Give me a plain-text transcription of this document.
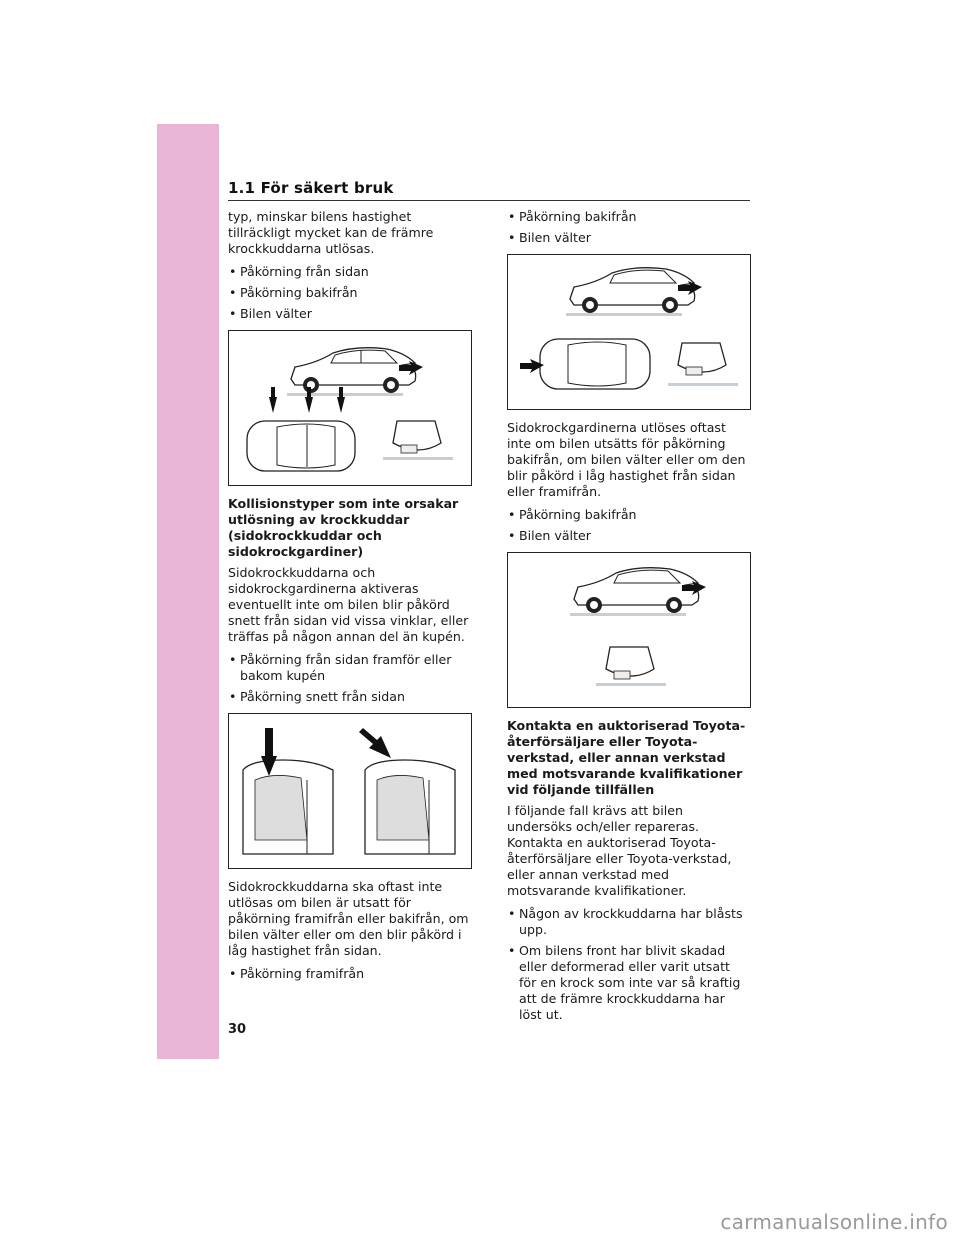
1.1 För säkert bruk

typ, minskar bilens hastighet tillräckligt mycket kan de främre krockkuddarna utlösas.

• Påkörning från sidan
• Påkörning bakifrån
• Bilen välter
Kollisionstyper som inte orsakar utlösning av krockkuddar (sidokrockkuddar och sidokrockgardiner)

Sidokrockkuddarna och sidokrockgardinerna aktiveras eventuellt inte om bilen blir påkörd snett från sidan vid vissa vinklar, eller träffas på någon annan del än kupén.

• Påkörning från sidan framför eller bakom kupén
• Påkörning snett från sidan

Sidokrockkuddarna ska oftast inte utlösas om bilen är utsatt för påkörning framifrån eller bakifrån, om bilen välter eller om den blir påkörd i låg hastighet från sidan.

• Påkörning framifrån
• Påkörning bakifrån
• Bilen välter

Sidokrockgardinerna utlöses oftast inte om bilen utsätts för påkörning bakifrån, om bilen välter eller om den blir påkörd i låg hastighet från sidan eller framifrån.

• Påkörning bakifrån
• Bilen välter
Kontakta en auktoriserad Toyota-återförsäljare eller Toyota-verkstad, eller annan verkstad med motsvarande kvalifikationer vid följande tillfällen

I följande fall krävs att bilen undersöks och/eller repareras. Kontakta en auktoriserad Toyota-återförsäljare eller Toyota-verkstad, eller annan verkstad med motsvarande kvalifikationer.

• Någon av krockkuddarna har blåsts upp.
• Om bilens front har blivit skadad eller deformerad eller varit utsatt för en krock som inte var så kraftig att de främre krockkuddarna har löst ut.
30
carmanualsonline.info
